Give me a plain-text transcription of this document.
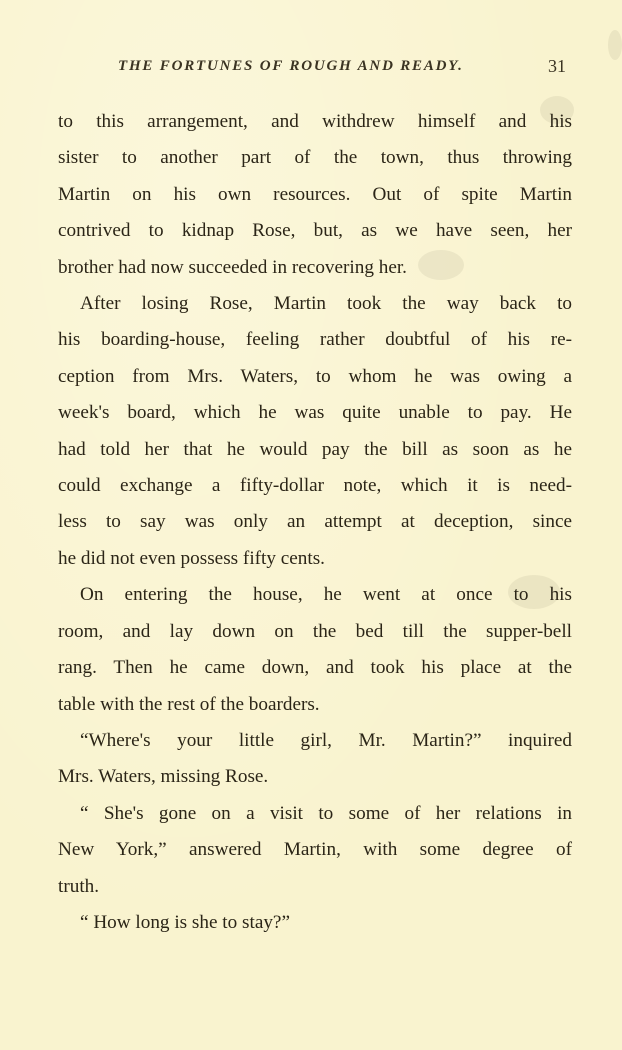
THE FORTUNES OF ROUGH AND READY.	31
to this arrangement, and withdrew himself and his
sister to another part of the town, thus throwing
Martin on his own resources. Out of spite Martin
contrived to kidnap Rose, but, as we have seen, her
brother had now succeeded in recovering her.
After losing Rose, Martin took the way back to
his boarding-house, feeling rather doubtful of his re-
ception from Mrs. Waters, to whom he was owing a
week's board, which he was quite unable to pay. He
had told her that he would pay the bill as soon as he
could exchange a fifty-dollar note, which it is need-
less to say was only an attempt at deception, since
he did not even possess fifty cents.
On entering the house, he went at once to his
room, and lay down on the bed till the supper-bell
rang. Then he came down, and took his place at the
table with the rest of the boarders.
“Where's your little girl, Mr. Martin?” inquired
Mrs. Waters, missing Rose.
“ She's gone on a visit to some of her relations in
New York,” answered Martin, with some degree of
truth.
“ How long is she to stay?”
